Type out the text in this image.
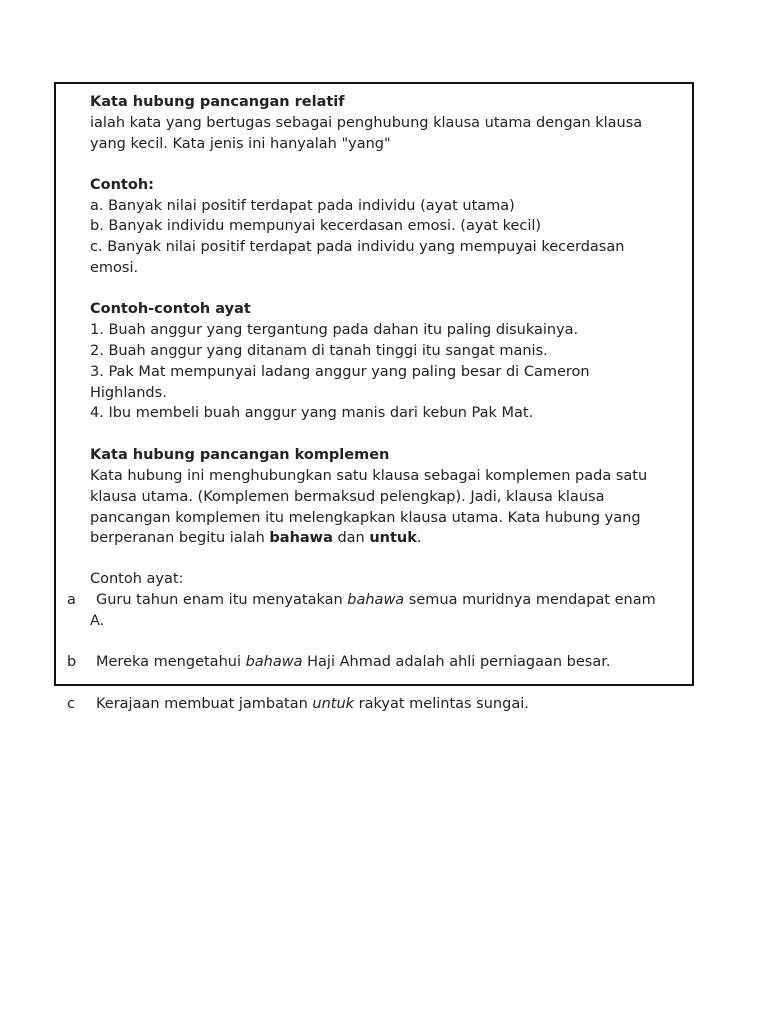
Kata hubung pancangan relatif
ialah kata yang bertugas sebagai penghubung klausa utama dengan klausa
yang kecil. Kata jenis ini hanyalah "yang"
Contoh:
a. Banyak nilai positif terdapat pada individu (ayat utama)
b. Banyak individu mempunyai kecerdasan emosi. (ayat kecil)
c. Banyak nilai positif terdapat pada individu yang mempuyai kecerdasan
emosi.
Contoh-contoh ayat
1. Buah anggur yang tergantung pada dahan itu paling disukainya.
2. Buah anggur yang ditanam di tanah tinggi itu sangat manis.
3. Pak Mat mempunyai ladang anggur yang paling besar di Cameron
Highlands.
4. Ibu membeli buah anggur yang manis dari kebun Pak Mat.
Kata hubung pancangan komplemen
Kata hubung ini menghubungkan satu klausa sebagai komplemen pada satu
klausa utama. (Komplemen bermaksud pelengkap). Jadi, klausa klausa
pancangan komplemen itu melengkapkan klausa utama. Kata hubung yang
berperanan begitu ialah bahawa dan untuk.
Contoh ayat:
a Guru tahun enam itu menyatakan bahawa semua muridnya mendapat enam
A.
b Mereka mengetahui bahawa Haji Ahmad adalah ahli perniagaan besar.
c Kerajaan membuat jambatan untuk rakyat melintas sungai.
